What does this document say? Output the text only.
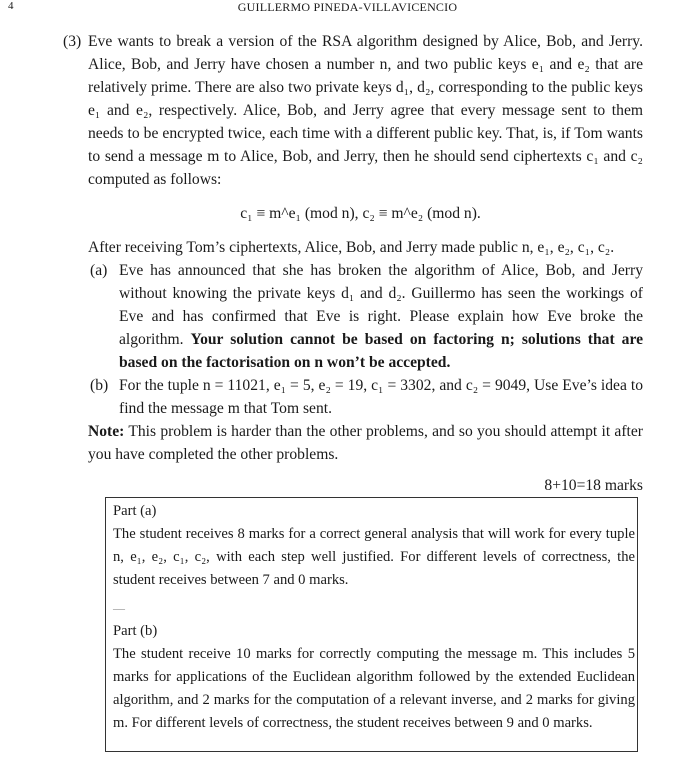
4	GUILLERMO PINEDA-VILLAVICENCIO
(3) Eve wants to break a version of the RSA algorithm designed by Alice, Bob, and Jerry. Alice, Bob, and Jerry have chosen a number n, and two public keys e₁ and e₂ that are relatively prime. There are also two private keys d₁, d₂, corresponding to the public keys e₁ and e₂, respectively. Alice, Bob, and Jerry agree that every message sent to them needs to be encrypted twice, each time with a different public key. That, is, if Tom wants to send a message m to Alice, Bob, and Jerry, then he should send ciphertexts c₁ and c₂ computed as follows:
c₁ ≡ m^e₁ (mod n), c₂ ≡ m^e₂ (mod n).
After receiving Tom’s ciphertexts, Alice, Bob, and Jerry made public n, e₁, e₂, c₁, c₂.
(a) Eve has announced that she has broken the algorithm of Alice, Bob, and Jerry without knowing the private keys d₁ and d₂. Guillermo has seen the workings of Eve and has confirmed that Eve is right. Please explain how Eve broke the algorithm. Your solution cannot be based on factoring n; solutions that are based on the factorisation on n won’t be accepted.
(b) For the tuple n = 11021, e₁ = 5, e₂ = 19, c₁ = 3302, and c₂ = 9049, Use Eve’s idea to find the message m that Tom sent.
Note: This problem is harder than the other problems, and so you should attempt it after you have completed the other problems.
8+10=18 marks
Part (a)
The student receives 8 marks for a correct general analysis that will work for every tuple n, e₁, e₂, c₁, c₂, with each step well justified. For different levels of correctness, the student receives between 7 and 0 marks.
—
Part (b)
The student receive 10 marks for correctly computing the message m. This includes 5 marks for applications of the Euclidean algorithm followed by the extended Euclidean algorithm, and 2 marks for the computation of a relevant inverse, and 2 marks for giving m. For different levels of correctness, the student receives between 9 and 0 marks.
